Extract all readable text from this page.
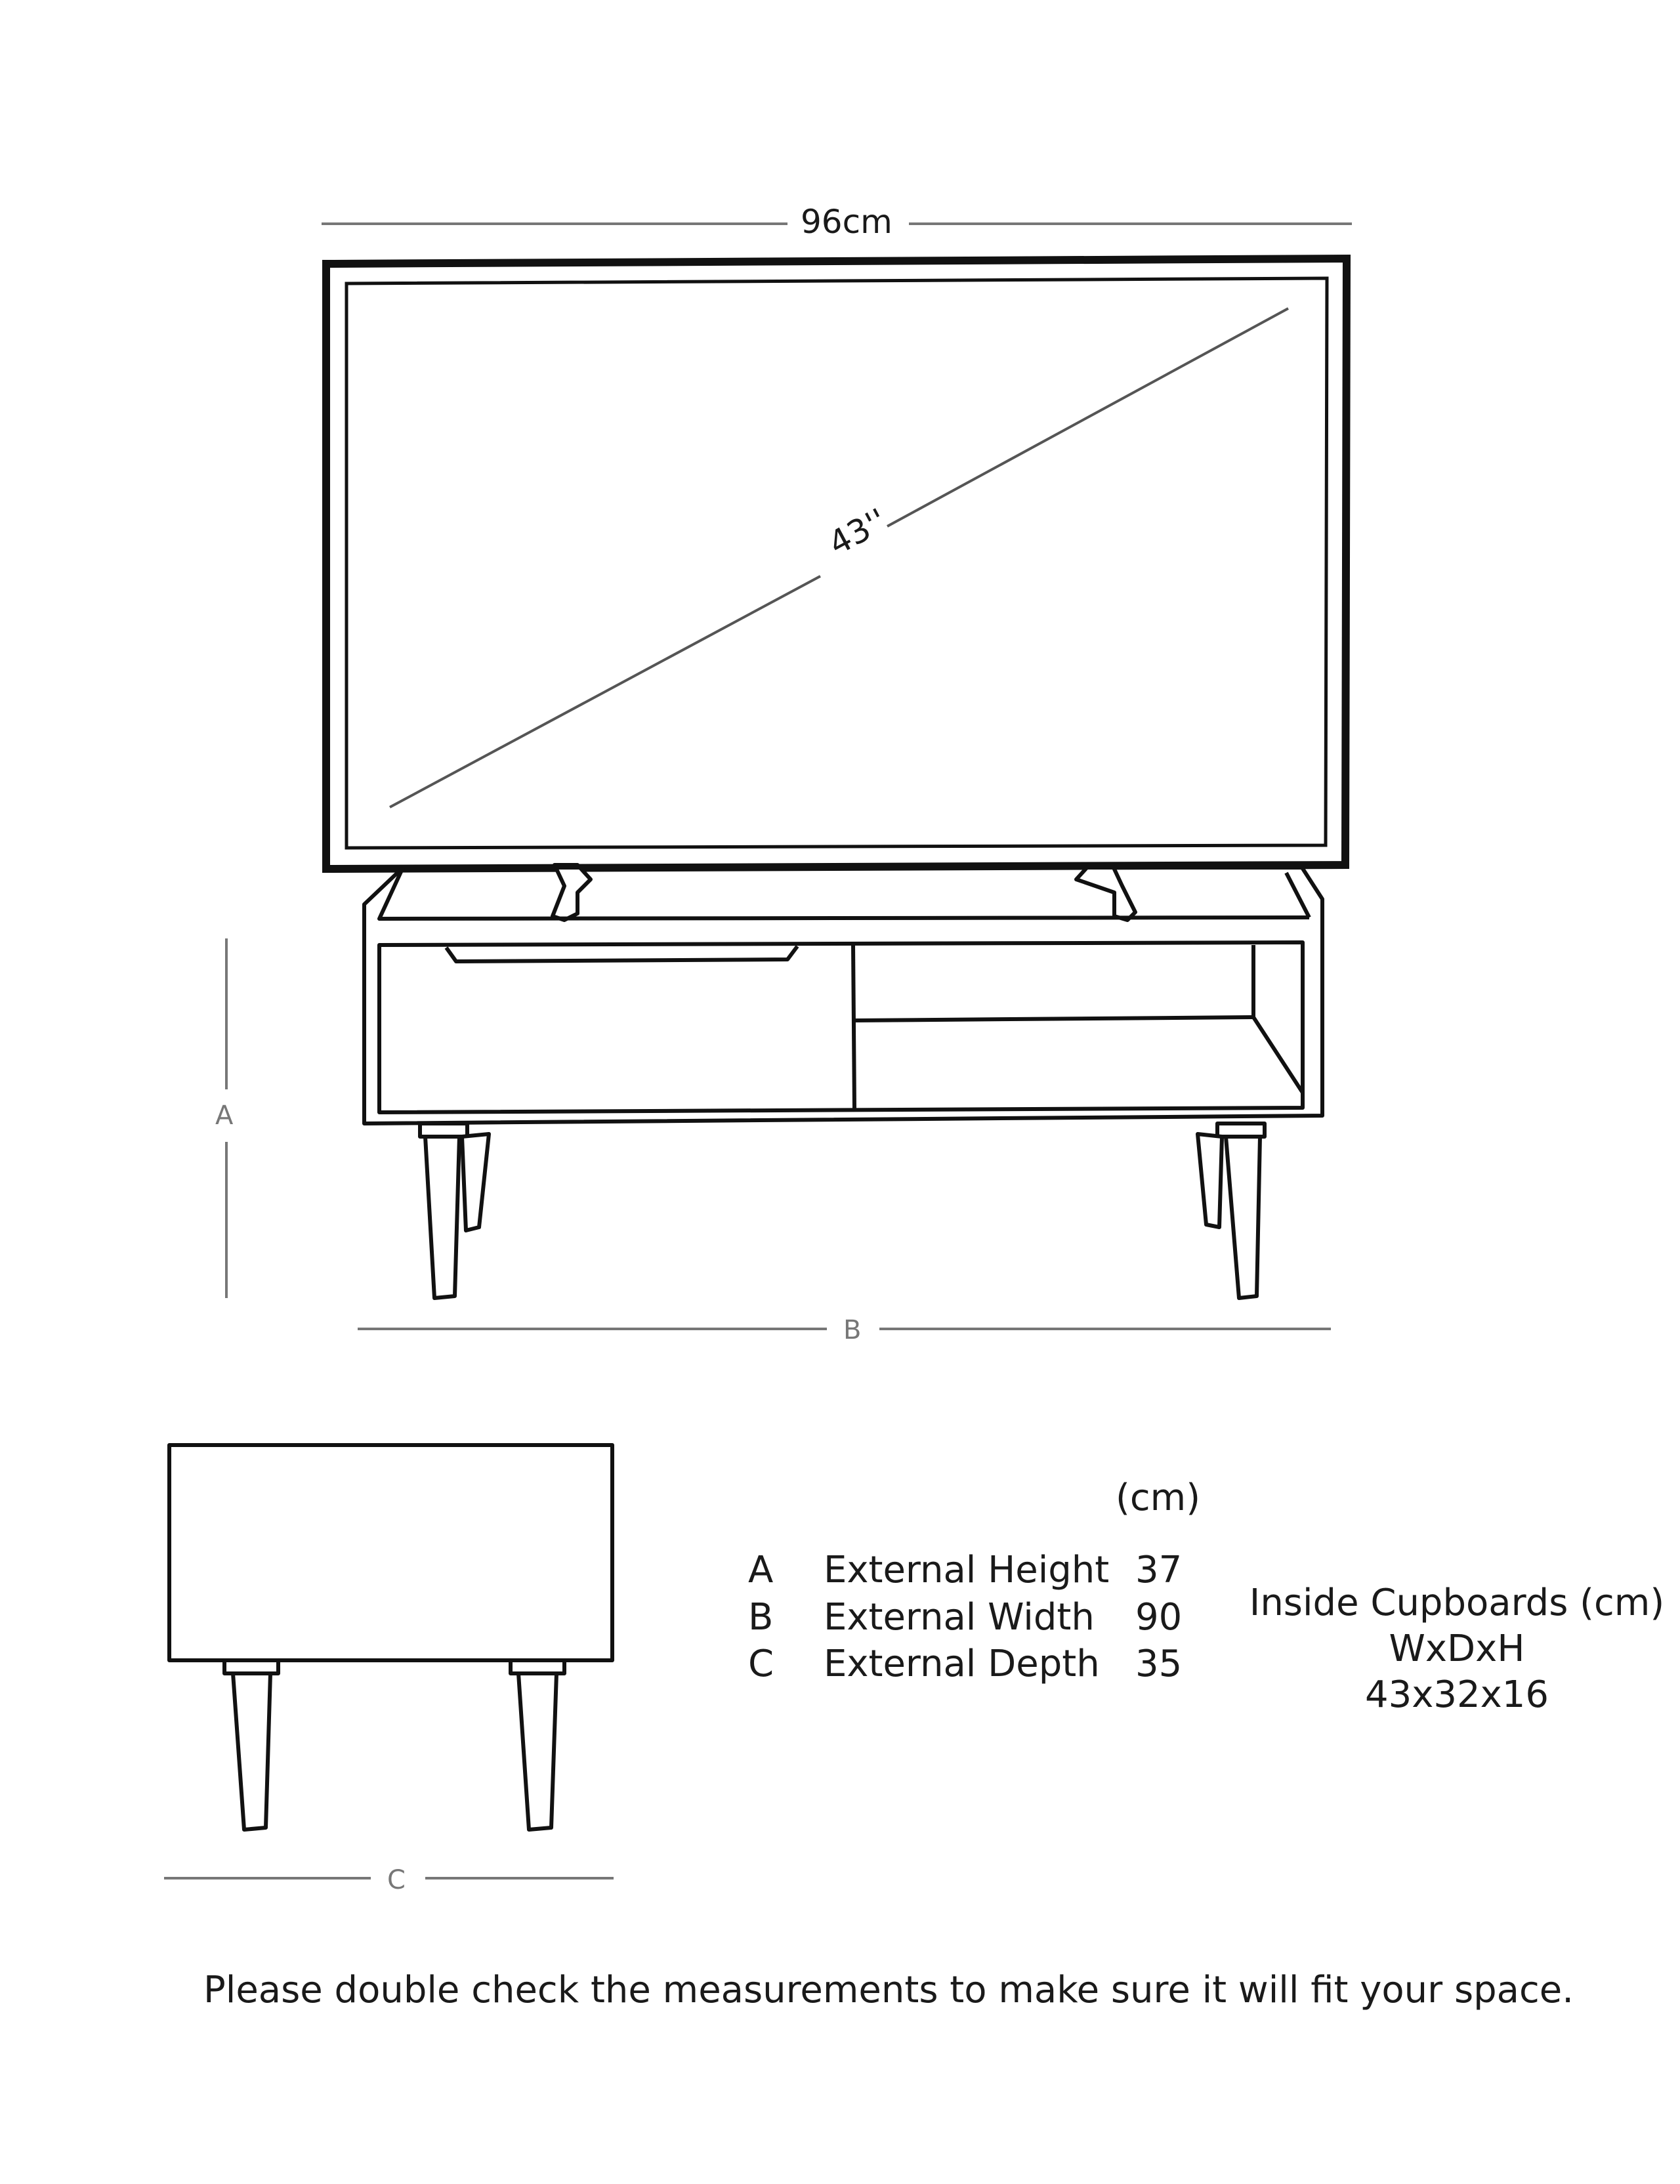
96cm
43''
A
B
C
(cm)
A External Height 37
B External Width 90
C External Depth 35
Inside Cupboards (cm)
WxDxH
43x32x16
Please double check the measurements to make sure it will fit your space.
